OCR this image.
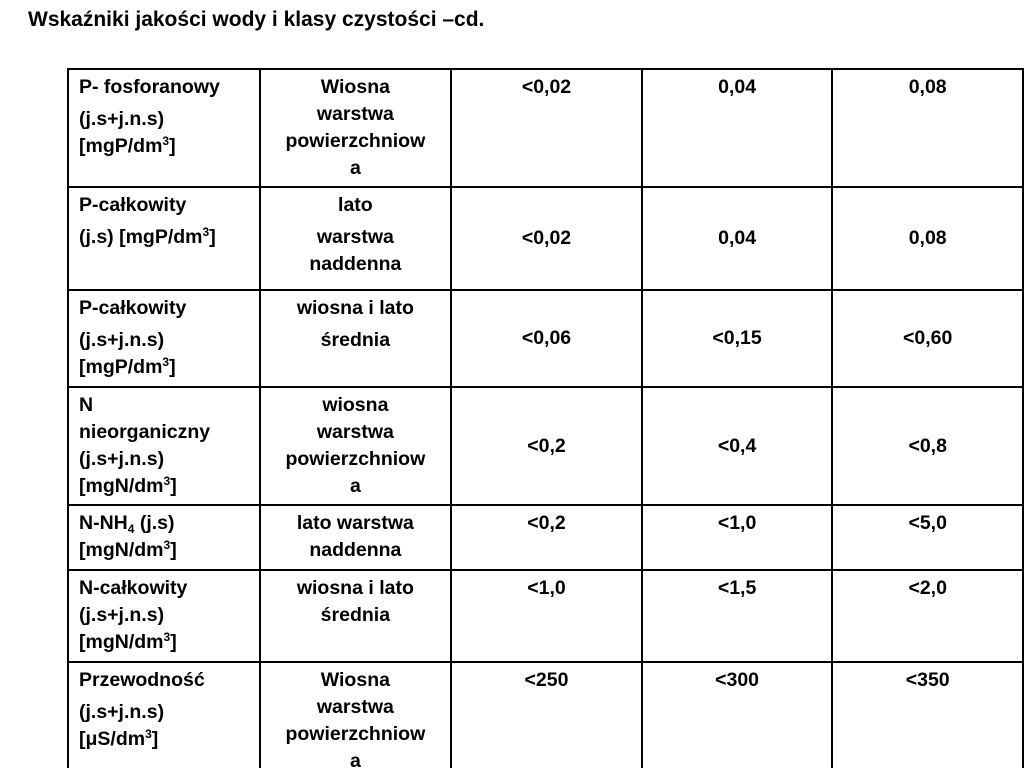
Wskaźniki jakości wody i klasy czystości –cd.
P- fosforanowy
(j.s+j.n.s)
$[mgP/dm^3]$	Wiosna
warstwa
powierzchniow
a	<0,02	0,04	0,08

P-całkowity
(j.s) $[mgP/dm^3]$	lato
warstwa
naddenna	<0,02	0,04	0,08

P-całkowity
(j.s+j.n.s)
$[mgP/dm^3]$	wiosna i lato
średnia	<0,06	<0,15	<0,60

N
nieorganiczny
(j.s+j.n.s)
$[mgN/dm^3]$	wiosna
warstwa
powierzchniow
a	<0,2	<0,4	<0,8

$N-NH_4$ (j.s)
$[mgN/dm^3]$	lato warstwa
naddenna	<0,2	<1,0	<5,0

N-całkowity
(j.s+j.n.s)
$[mgN/dm^3]$	wiosna i lato
średnia	<1,0	<1,5	<2,0

Przewodność
(j.s+j.n.s)
$[\mu S/dm^3]$	Wiosna
warstwa
powierzchniow
a	<250	<300	<350
